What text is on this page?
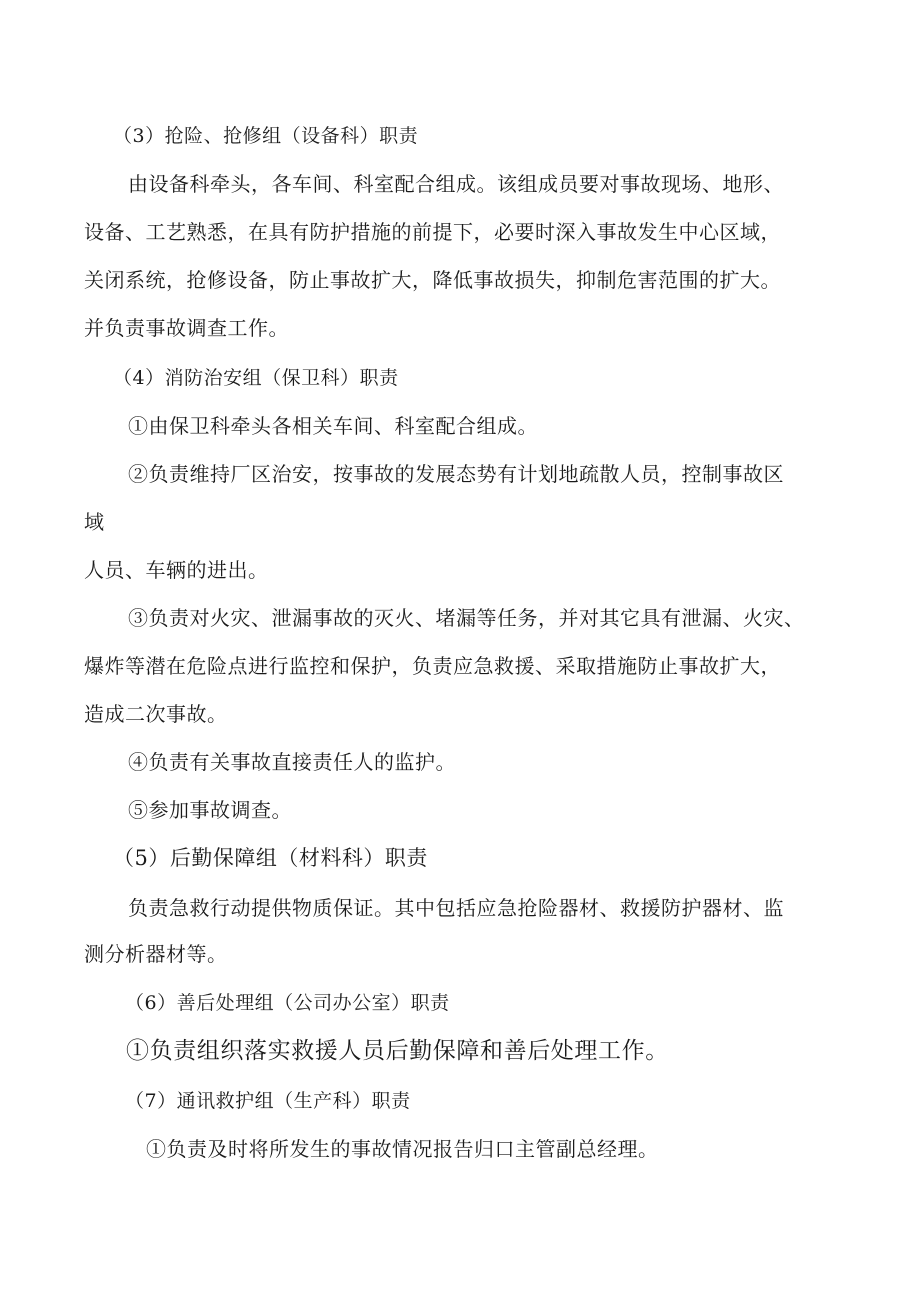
（3）抢险、抢修组（设备科）职责
由设备科牵头，各车间、科室配合组成。该组成员要对事故现场、地形、
设备、工艺熟悉，在具有防护措施的前提下，必要时深入事故发生中心区域，
关闭系统，抢修设备，防止事故扩大，降低事故损失，抑制危害范围的扩大。
并负责事故调查工作。
（4）消防治安组（保卫科）职责
①由保卫科牵头各相关车间、科室配合组成。
②负责维持厂区治安，按事故的发展态势有计划地疏散人员，控制事故区
域
人员、车辆的进出。
③负责对火灾、泄漏事故的灭火、堵漏等任务，并对其它具有泄漏、火灾、
爆炸等潜在危险点进行监控和保护，负责应急救援、采取措施防止事故扩大，
造成二次事故。
④负责有关事故直接责任人的监护。
⑤参加事故调查。
（5）后勤保障组（材料科）职责
负责急救行动提供物质保证。其中包括应急抢险器材、救援防护器材、监
测分析器材等。
（6）善后处理组（公司办公室）职责
①负责组织落实救援人员后勤保障和善后处理工作。
（7）通讯救护组（生产科）职责
①负责及时将所发生的事故情况报告归口主管副总经理。
